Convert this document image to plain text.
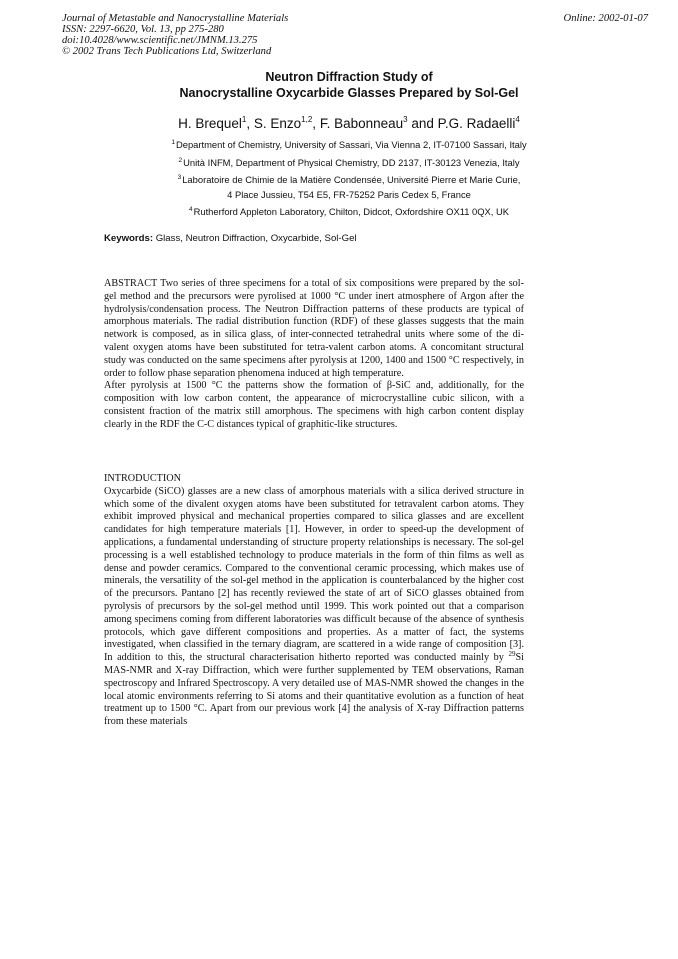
Journal of Metastable and Nanocrystalline Materials
ISSN: 2297-6620, Vol. 13, pp 275-280
doi:10.4028/www.scientific.net/JMNM.13.275
© 2002 Trans Tech Publications Ltd, Switzerland
Online: 2002-01-07
Neutron Diffraction Study of
Nanocrystalline Oxycarbide Glasses Prepared by Sol-Gel
H. Brequel$^1$, S. Enzo$^{1,2}$, F. Babonneau$^3$ and P.G. Radaelli$^4$
$^1$Department of Chemistry, University of Sassari, Via Vienna 2, IT-07100 Sassari, Italy
$^2$Unità INFM, Department of Physical Chemistry, DD 2137, IT-30123 Venezia, Italy
$^3$Laboratoire de Chimie de la Matière Condensée, Université Pierre et Marie Curie,
4 Place Jussieu, T54 E5, FR-75252 Paris Cedex 5, France
$^4$Rutherford Appleton Laboratory, Chilton, Didcot, Oxfordshire OX11 0QX, UK
Keywords: Glass, Neutron Diffraction, Oxycarbide, Sol-Gel

ABSTRACT Two series of three specimens for a total of six compositions were prepared by the sol-gel method and the precursors were pyrolised at 1000 °C under inert atmosphere of Argon after the hydrolysis/condensation process. The Neutron Diffraction patterns of these products are typical of amorphous materials. The radial distribution function (RDF) of these glasses suggests that the main network is composed, as in silica glass, of inter-connected tetrahedral units where some of the di-valent oxygen atoms have been substituted for tetra-valent carbon atoms. A concomitant structural study was conducted on the same specimens after pyrolysis at 1200, 1400 and 1500 °C respectively, in order to follow phase separation phenomena induced at high temperature.

After pyrolysis at 1500 °C the patterns show the formation of β-SiC and, additionally, for the composition with low carbon content, the appearance of microcrystalline cubic silicon, with a consistent fraction of the matrix still amorphous. The specimens with high carbon content display clearly in the RDF the C-C distances typical of graphitic-like structures.

INTRODUCTION

Oxycarbide (SiCO) glasses are a new class of amorphous materials with a silica derived structure in which some of the divalent oxygen atoms have been substituted for tetravalent carbon atoms. They exhibit improved physical and mechanical properties compared to silica glasses and are excellent candidates for high temperature materials [1]. However, in order to speed-up the development of applications, a fundamental understanding of structure property relationships is necessary. The sol-gel processing is a well established technology to produce materials in the form of thin films as well as dense and powder ceramics. Compared to the conventional ceramic processing, which makes use of minerals, the versatility of the sol-gel method in the application is counterbalanced by the higher cost of the precursors. Pantano [2] has recently reviewed the state of art of SiCO glasses obtained from pyrolysis of precursors by the sol-gel method until 1999. This work pointed out that a comparison among specimens coming from different laboratories was difficult because of the absence of synthesis protocols, which gave different compositions and properties. As a matter of fact, the systems investigated, when classified in the ternary diagram, are scattered in a wide range of composition [3]. In addition to this, the structural characterisation hitherto reported was conducted mainly by $^{29}$Si MAS-NMR and X-ray Diffraction, which were further supplemented by TEM observations, Raman spectroscopy and Infrared Spectroscopy. A very detailed use of MAS-NMR showed the changes in the local atomic environments referring to Si atoms and their quantitative evolution as a function of heat treatment up to 1500 °C. Apart from our previous work [4] the analysis of X-ray Diffraction patterns from these materials
